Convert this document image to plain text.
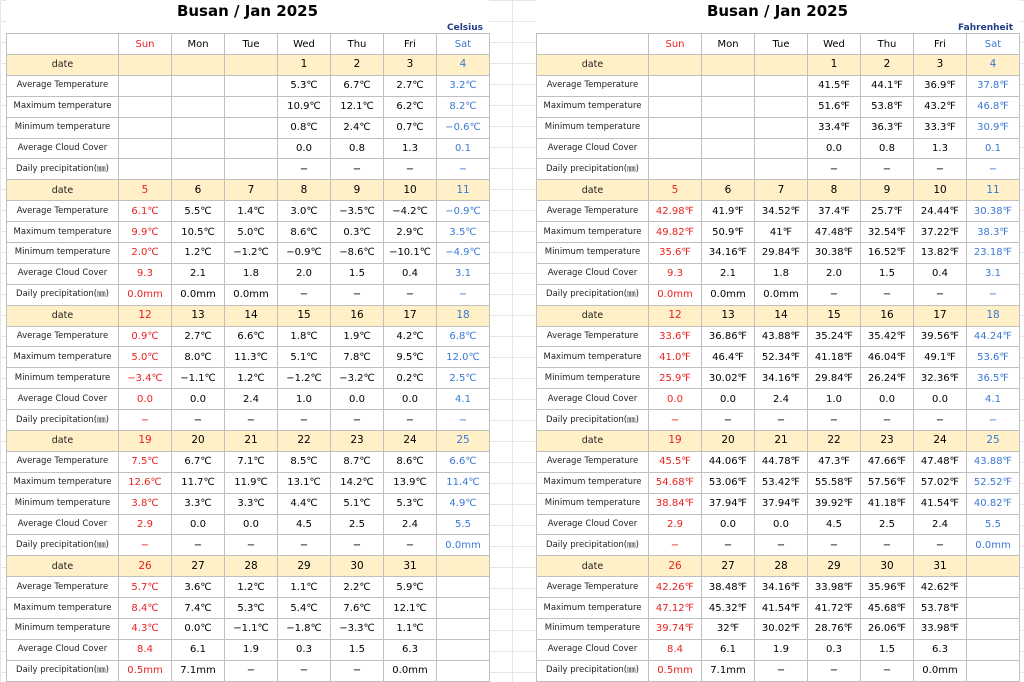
Busan / Jan 2025
Celsius
	Sun	Mon	Tue	Wed	Thu	Fri	Sat
date				1	2	3	4
Average Temperature				5.3℃	6.7℃	2.7℃	3.2℃
Maximum temperature				10.9℃	12.1℃	6.2℃	8.2℃
Minimum temperature				0.8℃	2.4℃	0.7℃	−0.6℃
Average Cloud Cover				0.0	0.8	1.3	0.1
Daily precipitation(㎜)				−	−	−	−
date	5	6	7	8	9	10	11
Average Temperature	6.1℃	5.5℃	1.4℃	3.0℃	−3.5℃	−4.2℃	−0.9℃
Maximum temperature	9.9℃	10.5℃	5.0℃	8.6℃	0.3℃	2.9℃	3.5℃
Minimum temperature	2.0℃	1.2℃	−1.2℃	−0.9℃	−8.6℃	−10.1℃	−4.9℃
Average Cloud Cover	9.3	2.1	1.8	2.0	1.5	0.4	3.1
Daily precipitation(㎜)	0.0mm	0.0mm	0.0mm	−	−	−	−
date	12	13	14	15	16	17	18
Average Temperature	0.9℃	2.7℃	6.6℃	1.8℃	1.9℃	4.2℃	6.8℃
Maximum temperature	5.0℃	8.0℃	11.3℃	5.1℃	7.8℃	9.5℃	12.0℃
Minimum temperature	−3.4℃	−1.1℃	1.2℃	−1.2℃	−3.2℃	0.2℃	2.5℃
Average Cloud Cover	0.0	0.0	2.4	1.0	0.0	0.0	4.1
Daily precipitation(㎜)	−	−	−	−	−	−	−
date	19	20	21	22	23	24	25
Average Temperature	7.5℃	6.7℃	7.1℃	8.5℃	8.7℃	8.6℃	6.6℃
Maximum temperature	12.6℃	11.7℃	11.9℃	13.1℃	14.2℃	13.9℃	11.4℃
Minimum temperature	3.8℃	3.3℃	3.3℃	4.4℃	5.1℃	5.3℃	4.9℃
Average Cloud Cover	2.9	0.0	0.0	4.5	2.5	2.4	5.5
Daily precipitation(㎜)	−	−	−	−	−	−	0.0mm
date	26	27	28	29	30	31	
Average Temperature	5.7℃	3.6℃	1.2℃	1.1℃	2.2℃	5.9℃	
Maximum temperature	8.4℃	7.4℃	5.3℃	5.4℃	7.6℃	12.1℃	
Minimum temperature	4.3℃	0.0℃	−1.1℃	−1.8℃	−3.3℃	1.1℃	
Average Cloud Cover	8.4	6.1	1.9	0.3	1.5	6.3	
Daily precipitation(㎜)	0.5mm	7.1mm	−	−	−	0.0mm	
Busan / Jan 2025
Fahrenheit
	Sun	Mon	Tue	Wed	Thu	Fri	Sat
date				1	2	3	4
Average Temperature				41.5℉	44.1℉	36.9℉	37.8℉
Maximum temperature				51.6℉	53.8℉	43.2℉	46.8℉
Minimum temperature				33.4℉	36.3℉	33.3℉	30.9℉
Average Cloud Cover				0.0	0.8	1.3	0.1
Daily precipitation(㎜)				−	−	−	−
date	5	6	7	8	9	10	11
Average Temperature	42.98℉	41.9℉	34.52℉	37.4℉	25.7℉	24.44℉	30.38℉
Maximum temperature	49.82℉	50.9℉	41℉	47.48℉	32.54℉	37.22℉	38.3℉
Minimum temperature	35.6℉	34.16℉	29.84℉	30.38℉	16.52℉	13.82℉	23.18℉
Average Cloud Cover	9.3	2.1	1.8	2.0	1.5	0.4	3.1
Daily precipitation(㎜)	0.0mm	0.0mm	0.0mm	−	−	−	−
date	12	13	14	15	16	17	18
Average Temperature	33.6℉	36.86℉	43.88℉	35.24℉	35.42℉	39.56℉	44.24℉
Maximum temperature	41.0℉	46.4℉	52.34℉	41.18℉	46.04℉	49.1℉	53.6℉
Minimum temperature	25.9℉	30.02℉	34.16℉	29.84℉	26.24℉	32.36℉	36.5℉
Average Cloud Cover	0.0	0.0	2.4	1.0	0.0	0.0	4.1
Daily precipitation(㎜)	−	−	−	−	−	−	−
date	19	20	21	22	23	24	25
Average Temperature	45.5℉	44.06℉	44.78℉	47.3℉	47.66℉	47.48℉	43.88℉
Maximum temperature	54.68℉	53.06℉	53.42℉	55.58℉	57.56℉	57.02℉	52.52℉
Minimum temperature	38.84℉	37.94℉	37.94℉	39.92℉	41.18℉	41.54℉	40.82℉
Average Cloud Cover	2.9	0.0	0.0	4.5	2.5	2.4	5.5
Daily precipitation(㎜)	−	−	−	−	−	−	0.0mm
date	26	27	28	29	30	31	
Average Temperature	42.26℉	38.48℉	34.16℉	33.98℉	35.96℉	42.62℉	
Maximum temperature	47.12℉	45.32℉	41.54℉	41.72℉	45.68℉	53.78℉	
Minimum temperature	39.74℉	32℉	30.02℉	28.76℉	26.06℉	33.98℉	
Average Cloud Cover	8.4	6.1	1.9	0.3	1.5	6.3	
Daily precipitation(㎜)	0.5mm	7.1mm	−	−	−	0.0mm	
